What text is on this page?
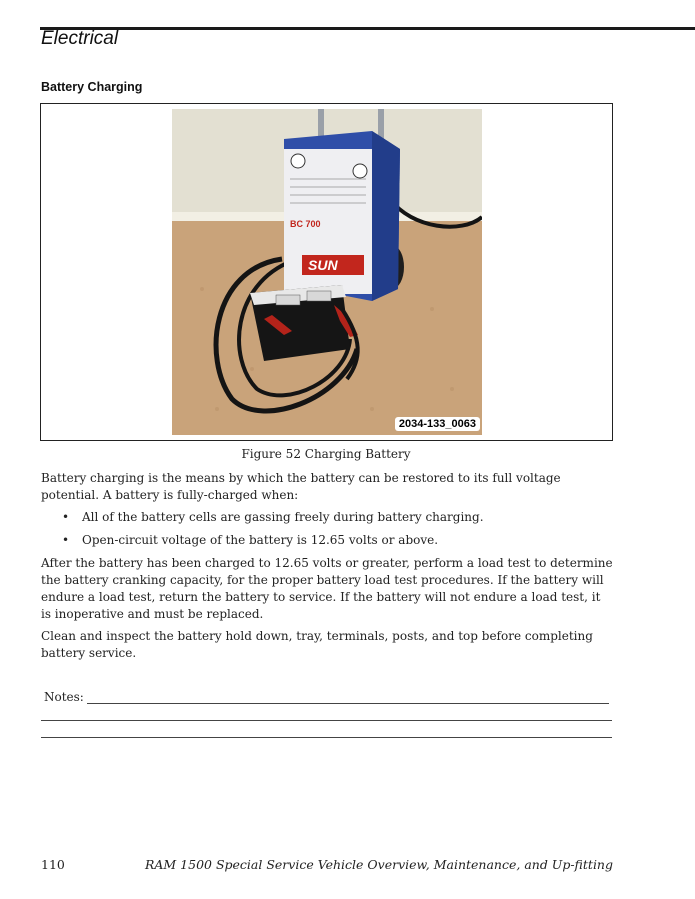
Electrical
Battery Charging
BC 700
SUN
2034-133_0063
Figure 52 Charging Battery
Battery charging is the means by which the battery can be restored to its full voltage potential. A battery is fully-charged when:
• All of the battery cells are gassing freely during battery charging.
• Open-circuit voltage of the battery is 12.65 volts or above.
After the battery has been charged to 12.65 volts or greater, perform a load test to determine the battery cranking capacity, for the proper battery load test procedures. If the battery will endure a load test, return the battery to service. If the battery will not endure a load test, it is inoperative and must be replaced.
Clean and inspect the battery hold down, tray, terminals, posts, and top before completing battery service.
Notes:
110	RAM 1500 Special Service Vehicle Overview, Maintenance, and Up-fitting
